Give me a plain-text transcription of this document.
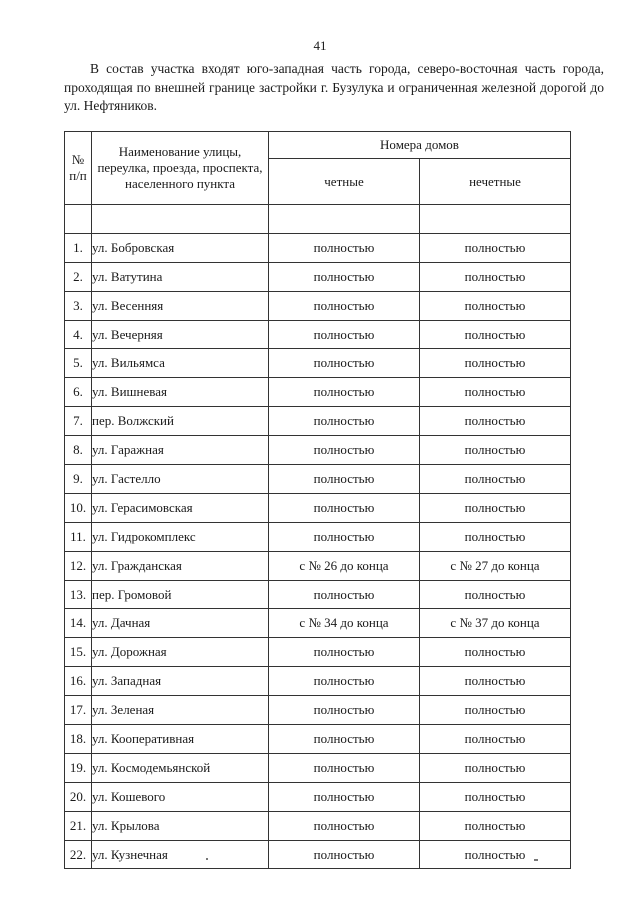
41

В состав участка входят юго-западная часть города, северо-восточная часть города, проходящая по внешней границе застройки г. Бузулука и ограниченная железной дорогой до ул. Нефтяников.

№ п/п	Наименование улицы, переулка, проезда, проспекта, населенного пункта	Номера домов	
		четные	нечетные

1.	ул. Бобровская	полностью	полностью
2.	ул. Ватутина	полностью	полностью
3.	ул. Весенняя	полностью	полностью
4.	ул. Вечерняя	полностью	полностью
5.	ул. Вильямса	полностью	полностью
6.	ул. Вишневая	полностью	полностью
7.	пер. Волжский	полностью	полностью
8.	ул. Гаражная	полностью	полностью
9.	ул. Гастелло	полностью	полностью
10.	ул. Герасимовская	полностью	полностью
11.	ул. Гидрокомплекс	полностью	полностью
12.	ул. Гражданская	с № 26 до конца	с № 27 до конца
13.	пер. Громовой	полностью	полностью
14.	ул. Дачная	с № 34 до конца	с № 37 до конца
15.	ул. Дорожная	полностью	полностью
16.	ул. Западная	полностью	полностью
17.	ул. Зеленая	полностью	полностью
18.	ул. Кооперативная	полностью	полностью
19.	ул. Космодемьянской	полностью	полностью
20.	ул. Кошевого	полностью	полностью
21.	ул. Крылова	полностью	полностью
22.	ул. Кузнечная	полностью	полностью
